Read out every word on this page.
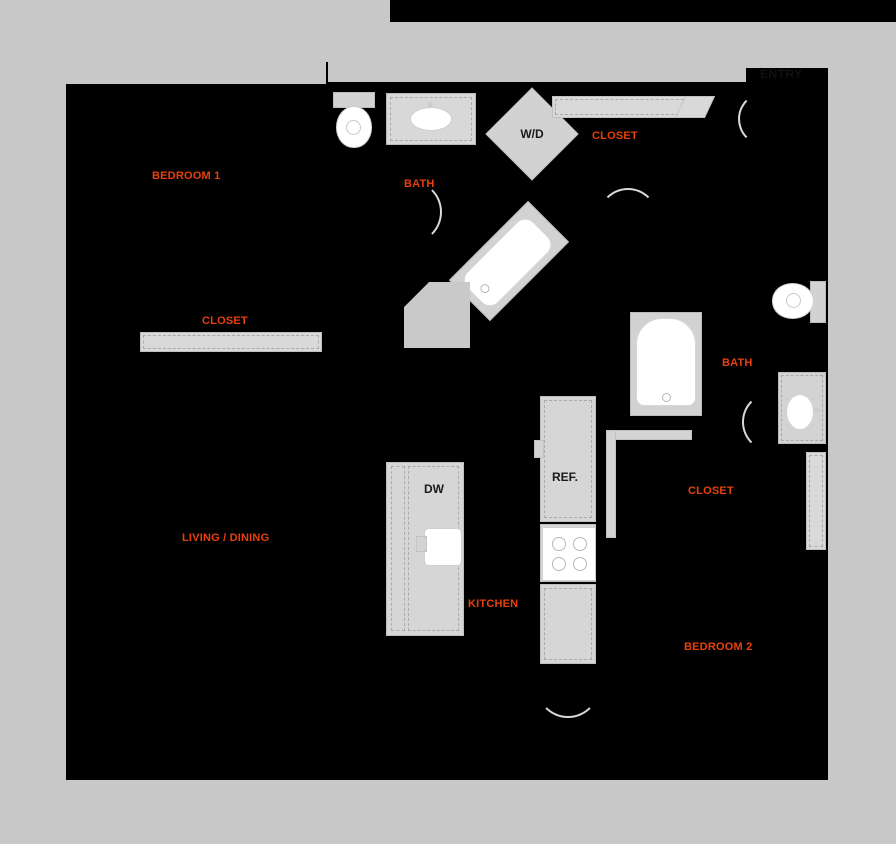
ENTRY
W/D
DW
REF.
BEDROOM 1
BATH
CLOSET
CLOSET
LIVING / DINING
BATH
CLOSET
BEDROOM 2
KITCHEN
